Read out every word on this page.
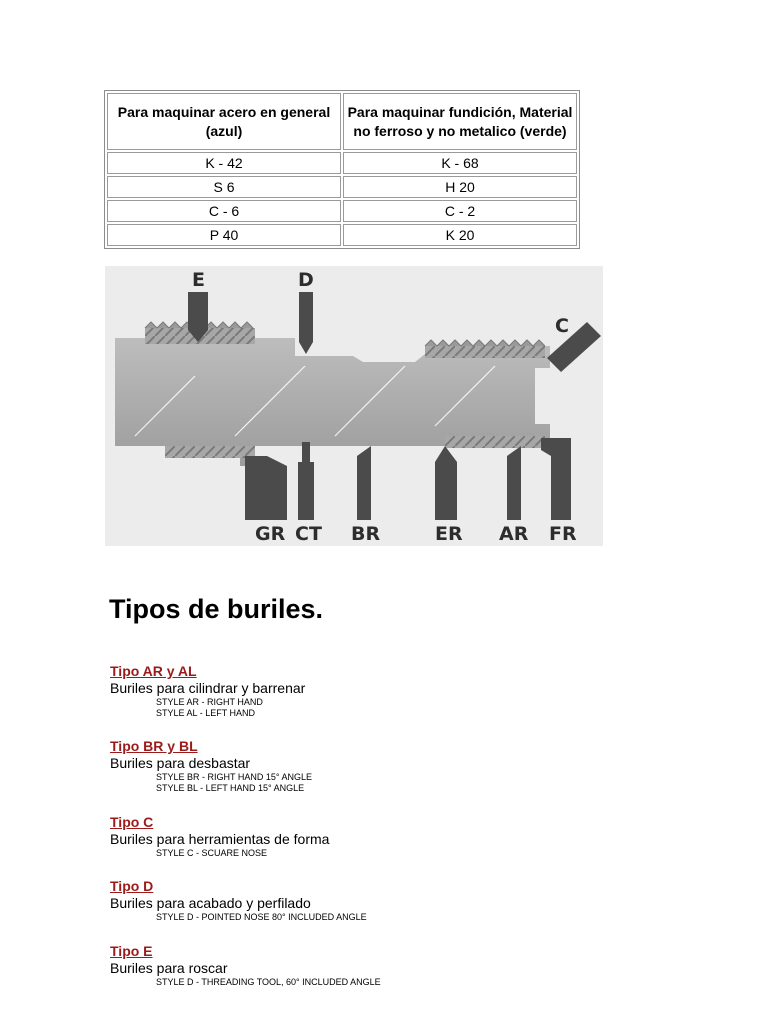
Para maquinar acero en general (azul)	Para maquinar fundición, Material no ferroso y no metalico (verde)
K - 42	K - 68
S 6	H 20
C - 6	C - 2
P 40	K 20
E	D
C
GR CT BR	ER AR FR
Tipos de buriles.
Tipo AR y AL
Buriles para cilindrar y barrenar
STYLE AR - RIGHT HAND
STYLE AL - LEFT HAND
Tipo BR y BL
Buriles para desbastar
STYLE BR - RIGHT HAND 15° ANGLE
STYLE BL - LEFT HAND 15° ANGLE
Tipo C
Buriles para herramientas de forma
STYLE C - SCUARE NOSE
Tipo D
Buriles para acabado y perfilado
STYLE D - POINTED NOSE 80° INCLUDED ANGLE
Tipo E
Buriles para roscar
STYLE D - THREADING TOOL, 60° INCLUDED ANGLE
